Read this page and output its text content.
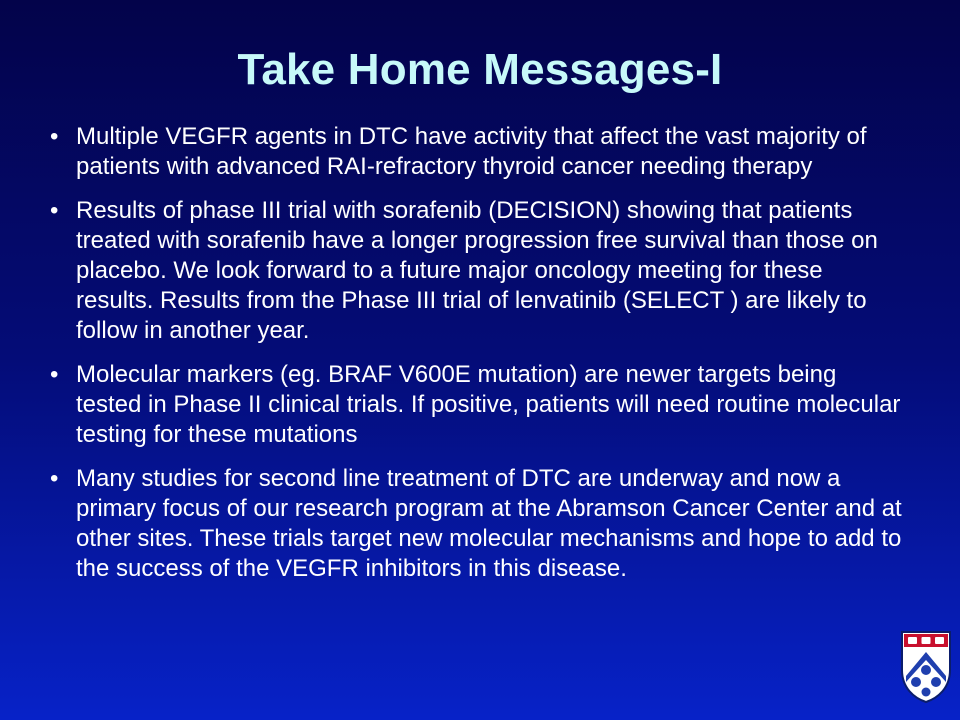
Take Home Messages-I
• Multiple VEGFR agents in DTC have activity that affect the vast majority of patients with advanced RAI-refractory thyroid cancer needing therapy
• Results of phase III trial with sorafenib (DECISION) showing that patients treated with sorafenib have a longer progression free survival than those on placebo. We look forward to a future major oncology meeting for these results. Results from the Phase III trial of lenvatinib (SELECT ) are likely to follow in another year.
• Molecular markers (eg. BRAF V600E mutation) are newer targets being tested in Phase II clinical trials. If positive, patients will need routine molecular testing for these mutations
• Many studies for second line treatment of DTC are underway and now a primary focus of our research program at the Abramson Cancer Center and at other sites. These trials target new molecular mechanisms and hope to add to the success of the VEGFR inhibitors in this disease.
